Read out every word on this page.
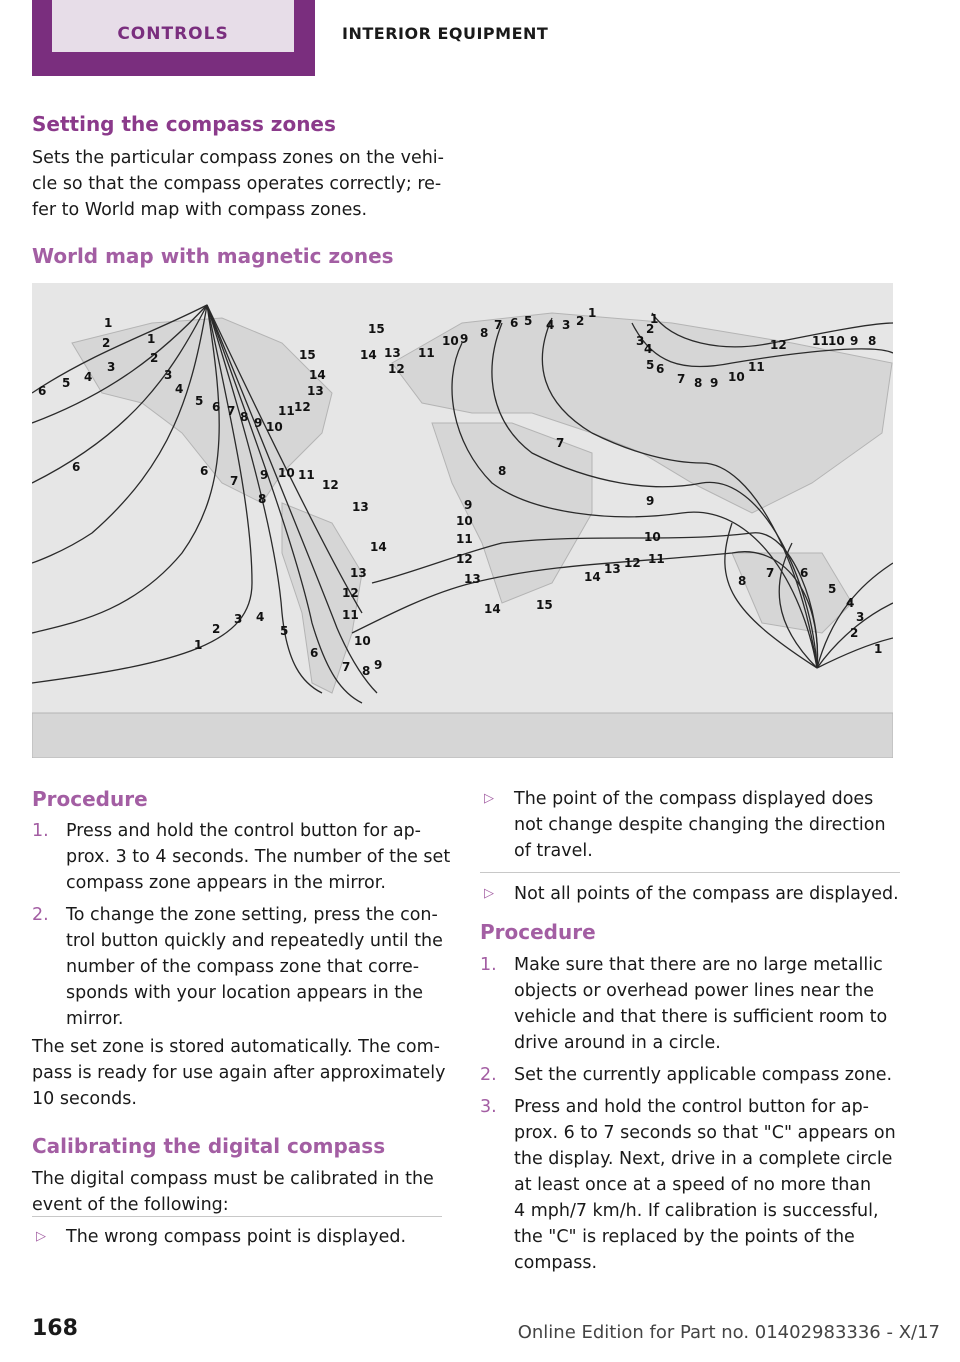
CONTROLS	INTERIOR EQUIPMENT
Setting the compass zones
Sets the particular compass zones on the vehi-
cle so that the compass operates correctly; re-
fer to World map with compass zones.
World map with magnetic zones
1
1
2
2
3
3
4
4
5
6
5 6 7 8 9 10
11 12
13
14
15
15
14 13
12
11
10 9 8
7 6 5 4 3 2
1	1
2
3
4
5 6
7 8 9 10
11
12 11 10 9 8
6	6
7 9
8
10 11
12
13
14
13
12
11
10
9
8
7
6
5
4
3
2
1
7
8
9
10
11
12
13
14	15
14
13 12 11
10
9
8
7 6
5
4
3
2
1
Procedure
1. Press and hold the control button for ap-
prox. 3 to 4 seconds. The number of the set
compass zone appears in the mirror.
2. To change the zone setting, press the con-
trol button quickly and repeatedly until the
number of the compass zone that corre-
sponds with your location appears in the
mirror.
The set zone is stored automatically. The com-
pass is ready for use again after approximately
10 seconds.
Calibrating the digital compass
The digital compass must be calibrated in the
event of the following:
▷ The wrong compass point is displayed.
▷ The point of the compass displayed does
not change despite changing the direction
of travel.
▷ Not all points of the compass are displayed.
Procedure
1. Make sure that there are no large metallic
objects or overhead power lines near the
vehicle and that there is sufficient room to
drive around in a circle.
2. Set the currently applicable compass zone.
3. Press and hold the control button for ap-
prox. 6 to 7 seconds so that "C" appears on
the display. Next, drive in a complete circle
at least once at a speed of no more than
4 mph/7 km/h. If calibration is successful,
the "C" is replaced by the points of the
compass.
168	Online Edition for Part no. 01402983336 - X/17
